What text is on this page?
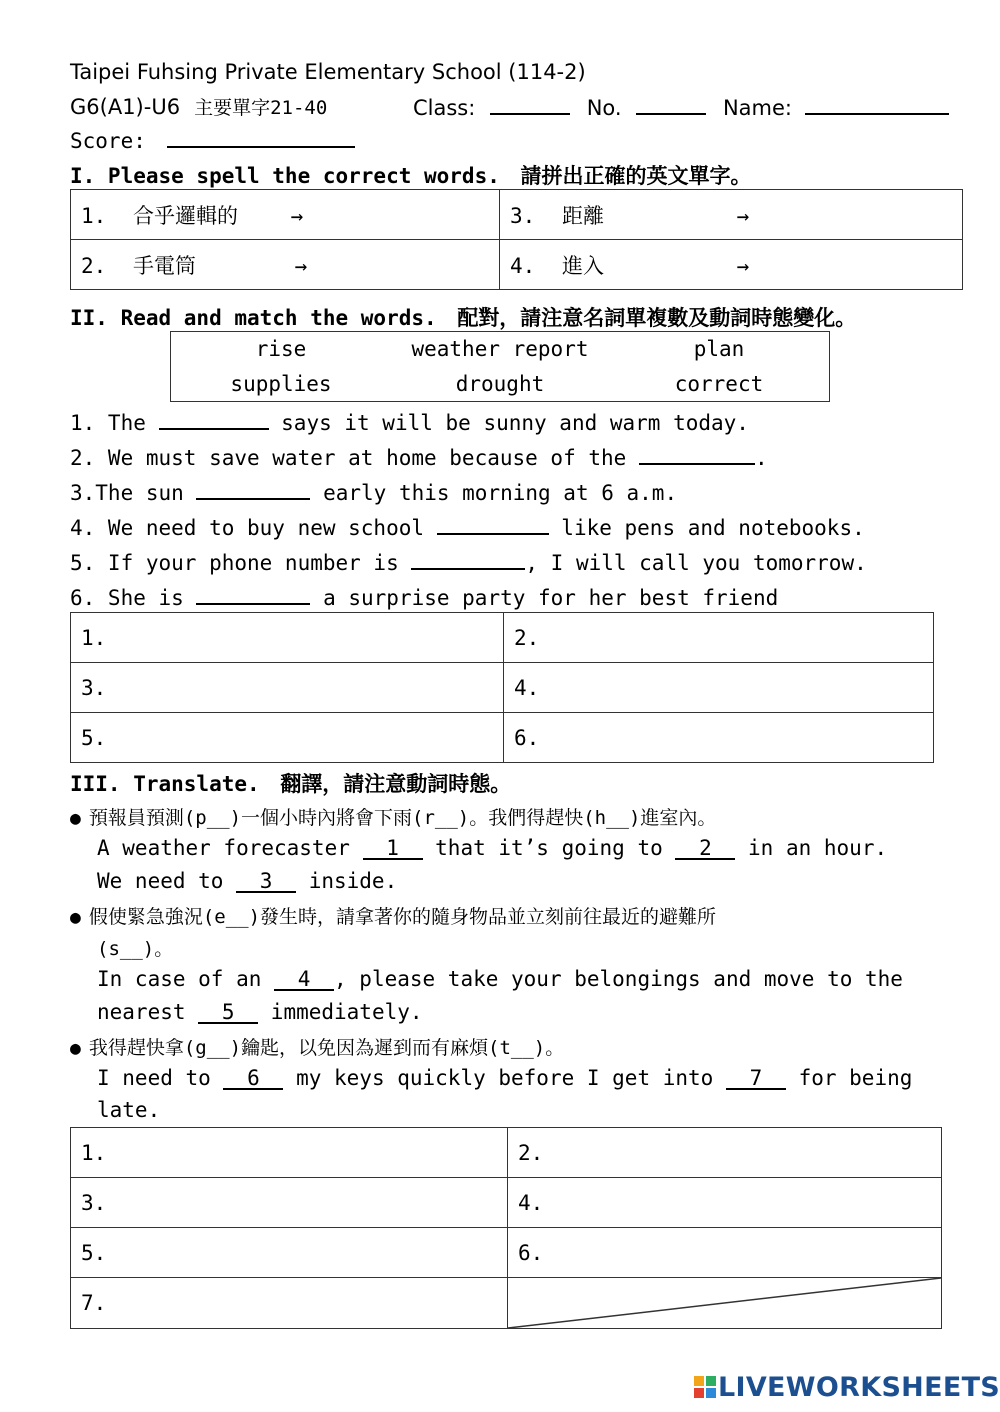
Taipei Fuhsing Private Elementary School (114-2)
G6(A1)-U6 主要單字21-40	Class:	No.	Name:
Score:
I. Please spell the correct words. 請拼出正確的英文單字。
1. 合乎邏輯的 →	3. 距離 →
2. 手電筒 →	4. 進入 →
II. Read and match the words. 配對，請注意名詞單複數及動詞時態變化。
rise	weather report	plan
supplies	drought	correct
1. The	says it will be sunny and warm today.
2. We must save water at home because of the	.
3.The sun	early this morning at 6 a.m.
4. We need to buy new school	like pens and notebooks.
5. If your phone number is	, I will call you tomorrow.
6. She is	a surprise party for her best friend
1.	2.
3.	4.
5.	6.
III. Translate. 翻譯，請注意動詞時態。
● 預報員預測(p__)一個小時內將會下雨(r__)。我們得趕快(h__)進室內。
A weather forecaster 1 that it’s going to 2 in an hour.
We need to 3 inside.
● 假使緊急強況(e__)發生時，請拿著你的隨身物品並立刻前往最近的避難所
(s__)。
In case of an 4 , please take your belongings and move to the
nearest 5 immediately.
● 我得趕快拿(g__)鑰匙，以免因為遲到而有麻煩(t__)。
I need to 6 my keys quickly before I get into 7 for being
late.
1.	2.
3.	4.
5.	6.
7.	
LIVEWORKSHEETS
